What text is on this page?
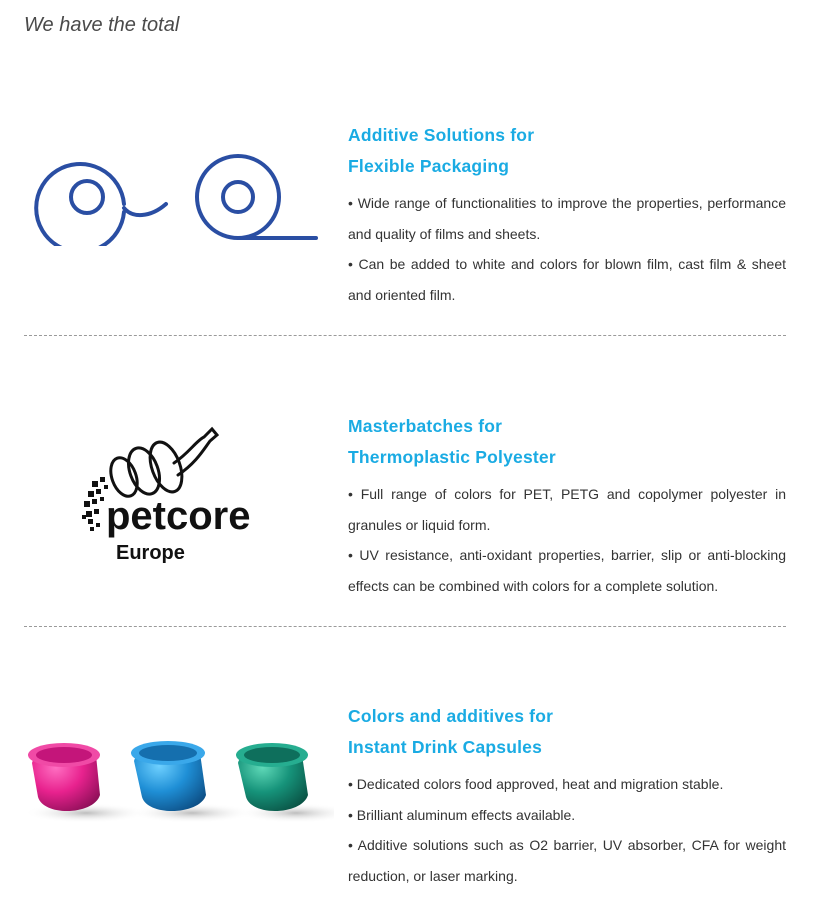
We have the total
Additive Solutions for
Flexible Packaging
• Wide range of functionalities to improve the properties, performance and quality of films and sheets.
• Can be added to white and colors for blown film, cast film & sheet and oriented film.
petcore
Europe
Masterbatches for
Thermoplastic Polyester
• Full range of colors for PET, PETG and copolymer polyester in granules or liquid form.
• UV resistance, anti-oxidant properties, barrier, slip or anti-blocking effects can be combined with colors for a complete solution.
Colors and additives for
Instant Drink Capsules
• Dedicated colors food approved, heat and migration stable.
• Brilliant aluminum effects available.
• Additive solutions such as O2 barrier, UV absorber, CFA for weight reduction, or laser marking.
